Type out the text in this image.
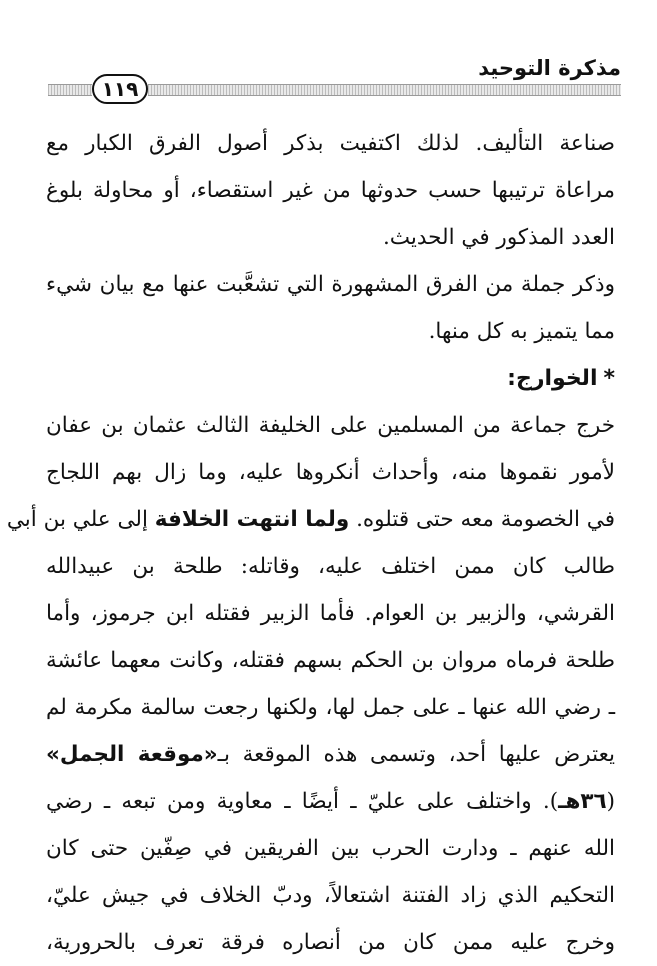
مذكرة التوحيد
١١٩
صناعة التأليف. لذلك اكتفيت بذكر أصول الفرق الكبار مع
مراعاة ترتيبها حسب حدوثها من غير استقصاء، أو محاولة بلوغ
العدد المذكور في الحديث.
وذكر جملة من الفرق المشهورة التي تشعَّبت عنها مع بيان شيء
مما يتميز به كل منها.
*الخوارج:
خرج جماعة من المسلمين على الخليفة الثالث عثمان بن عفان
لأمور نقموها منه، وأحداث أنكروها عليه، وما زال بهم اللجاج
في الخصومة معه حتى قتلوه. ولما انتهت الخلافة إلى علي بن أبي
طالب كان ممن اختلف عليه، وقاتله: طلحة بن عبيدالله
القرشي، والزبير بن العوام. فأما الزبير فقتله ابن جرموز، وأما
طلحة فرماه مروان بن الحكم بسهم فقتله، وكانت معهما عائشة
ـ رضي الله عنها ـ على جمل لها، ولكنها رجعت سالمة مكرمة لم
يعترض عليها أحد، وتسمى هذه الموقعة بـ«موقعة الجمل»
(٣٦هـ). واختلف على عليّ ـ أيضًا ـ معاوية ومن تبعه ـ رضي
الله عنهم ـ ودارت الحرب بين الفريقين في صِفّين حتى كان
التحكيم الذي زاد الفتنة اشتعالاً، ودبّ الخلاف في جيش عليّ،
وخرج عليه ممن كان من أنصاره فرقة تعرف بالحرورية،
